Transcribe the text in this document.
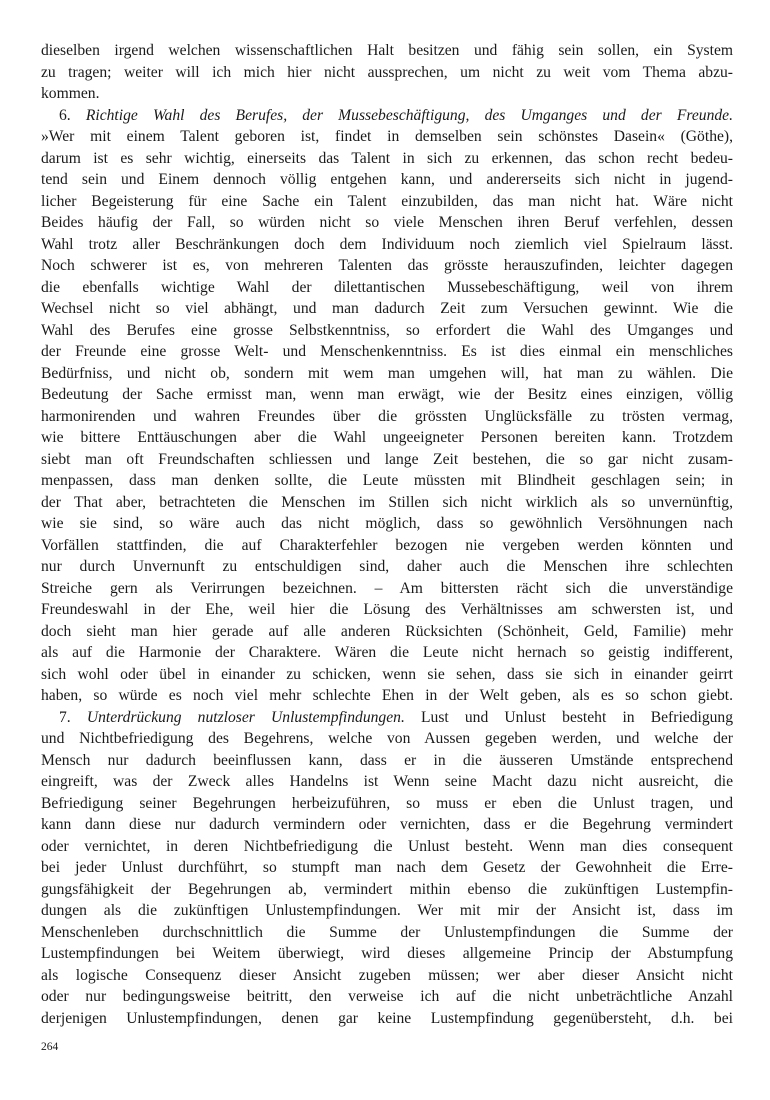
dieselben irgend welchen wissenschaftlichen Halt besitzen und fähig sein sollen, ein System
zu tragen; weiter will ich mich hier nicht aussprechen, um nicht zu weit vom Thema abzu-
kommen.
6. Richtige Wahl des Berufes, der Mussebeschäftigung, des Umganges und der Freunde.
»Wer mit einem Talent geboren ist, findet in demselben sein schönstes Dasein« (Göthe),
darum ist es sehr wichtig, einerseits das Talent in sich zu erkennen, das schon recht bedeu-
tend sein und Einem dennoch völlig entgehen kann, und andererseits sich nicht in jugend-
licher Begeisterung für eine Sache ein Talent einzubilden, das man nicht hat. Wäre nicht
Beides häufig der Fall, so würden nicht so viele Menschen ihren Beruf verfehlen, dessen
Wahl trotz aller Beschränkungen doch dem Individuum noch ziemlich viel Spielraum lässt.
Noch schwerer ist es, von mehreren Talenten das grösste herauszufinden, leichter dagegen
die ebenfalls wichtige Wahl der dilettantischen Mussebeschäftigung, weil von ihrem
Wechsel nicht so viel abhängt, und man dadurch Zeit zum Versuchen gewinnt. Wie die
Wahl des Berufes eine grosse Selbstkenntniss, so erfordert die Wahl des Umganges und
der Freunde eine grosse Welt- und Menschenkenntniss. Es ist dies einmal ein menschliches
Bedürfniss, und nicht ob, sondern mit wem man umgehen will, hat man zu wählen. Die
Bedeutung der Sache ermisst man, wenn man erwägt, wie der Besitz eines einzigen, völlig
harmonirenden und wahren Freundes über die grössten Unglücksfälle zu trösten vermag,
wie bittere Enttäuschungen aber die Wahl ungeeigneter Personen bereiten kann. Trotzdem
siebt man oft Freundschaften schliessen und lange Zeit bestehen, die so gar nicht zusam-
menpassen, dass man denken sollte, die Leute müssten mit Blindheit geschlagen sein; in
der That aber, betrachteten die Menschen im Stillen sich nicht wirklich als so unvernünftig,
wie sie sind, so wäre auch das nicht möglich, dass so gewöhnlich Versöhnungen nach
Vorfällen stattfinden, die auf Charakterfehler bezogen nie vergeben werden könnten und
nur durch Unvernunft zu entschuldigen sind, daher auch die Menschen ihre schlechten
Streiche gern als Verirrungen bezeichnen. – Am bittersten rächt sich die unverständige
Freundeswahl in der Ehe, weil hier die Lösung des Verhältnisses am schwersten ist, und
doch sieht man hier gerade auf alle anderen Rücksichten (Schönheit, Geld, Familie) mehr
als auf die Harmonie der Charaktere. Wären die Leute nicht hernach so geistig indifferent,
sich wohl oder übel in einander zu schicken, wenn sie sehen, dass sie sich in einander geirrt
haben, so würde es noch viel mehr schlechte Ehen in der Welt geben, als es so schon giebt.
7. Unterdrückung nutzloser Unlustempfindungen. Lust und Unlust besteht in Befriedigung
und Nichtbefriedigung des Begehrens, welche von Aussen gegeben werden, und welche der
Mensch nur dadurch beeinflussen kann, dass er in die äusseren Umstände entsprechend
eingreift, was der Zweck alles Handelns ist Wenn seine Macht dazu nicht ausreicht, die
Befriedigung seiner Begehrungen herbeizuführen, so muss er eben die Unlust tragen, und
kann dann diese nur dadurch vermindern oder vernichten, dass er die Begehrung vermindert
oder vernichtet, in deren Nichtbefriedigung die Unlust besteht. Wenn man dies consequent
bei jeder Unlust durchführt, so stumpft man nach dem Gesetz der Gewohnheit die Erre-
gungsfähigkeit der Begehrungen ab, vermindert mithin ebenso die zukünftigen Lustempfin-
dungen als die zukünftigen Unlustempfindungen. Wer mit mir der Ansicht ist, dass im
Menschenleben durchschnittlich die Summe der Unlustempfindungen die Summe der
Lustempfindungen bei Weitem überwiegt, wird dieses allgemeine Princip der Abstumpfung
als logische Consequenz dieser Ansicht zugeben müssen; wer aber dieser Ansicht nicht
oder nur bedingungsweise beitritt, den verweise ich auf die nicht unbeträchtliche Anzahl
derjenigen Unlustempfindungen, denen gar keine Lustempfindung gegenübersteht, d.h. bei
264
